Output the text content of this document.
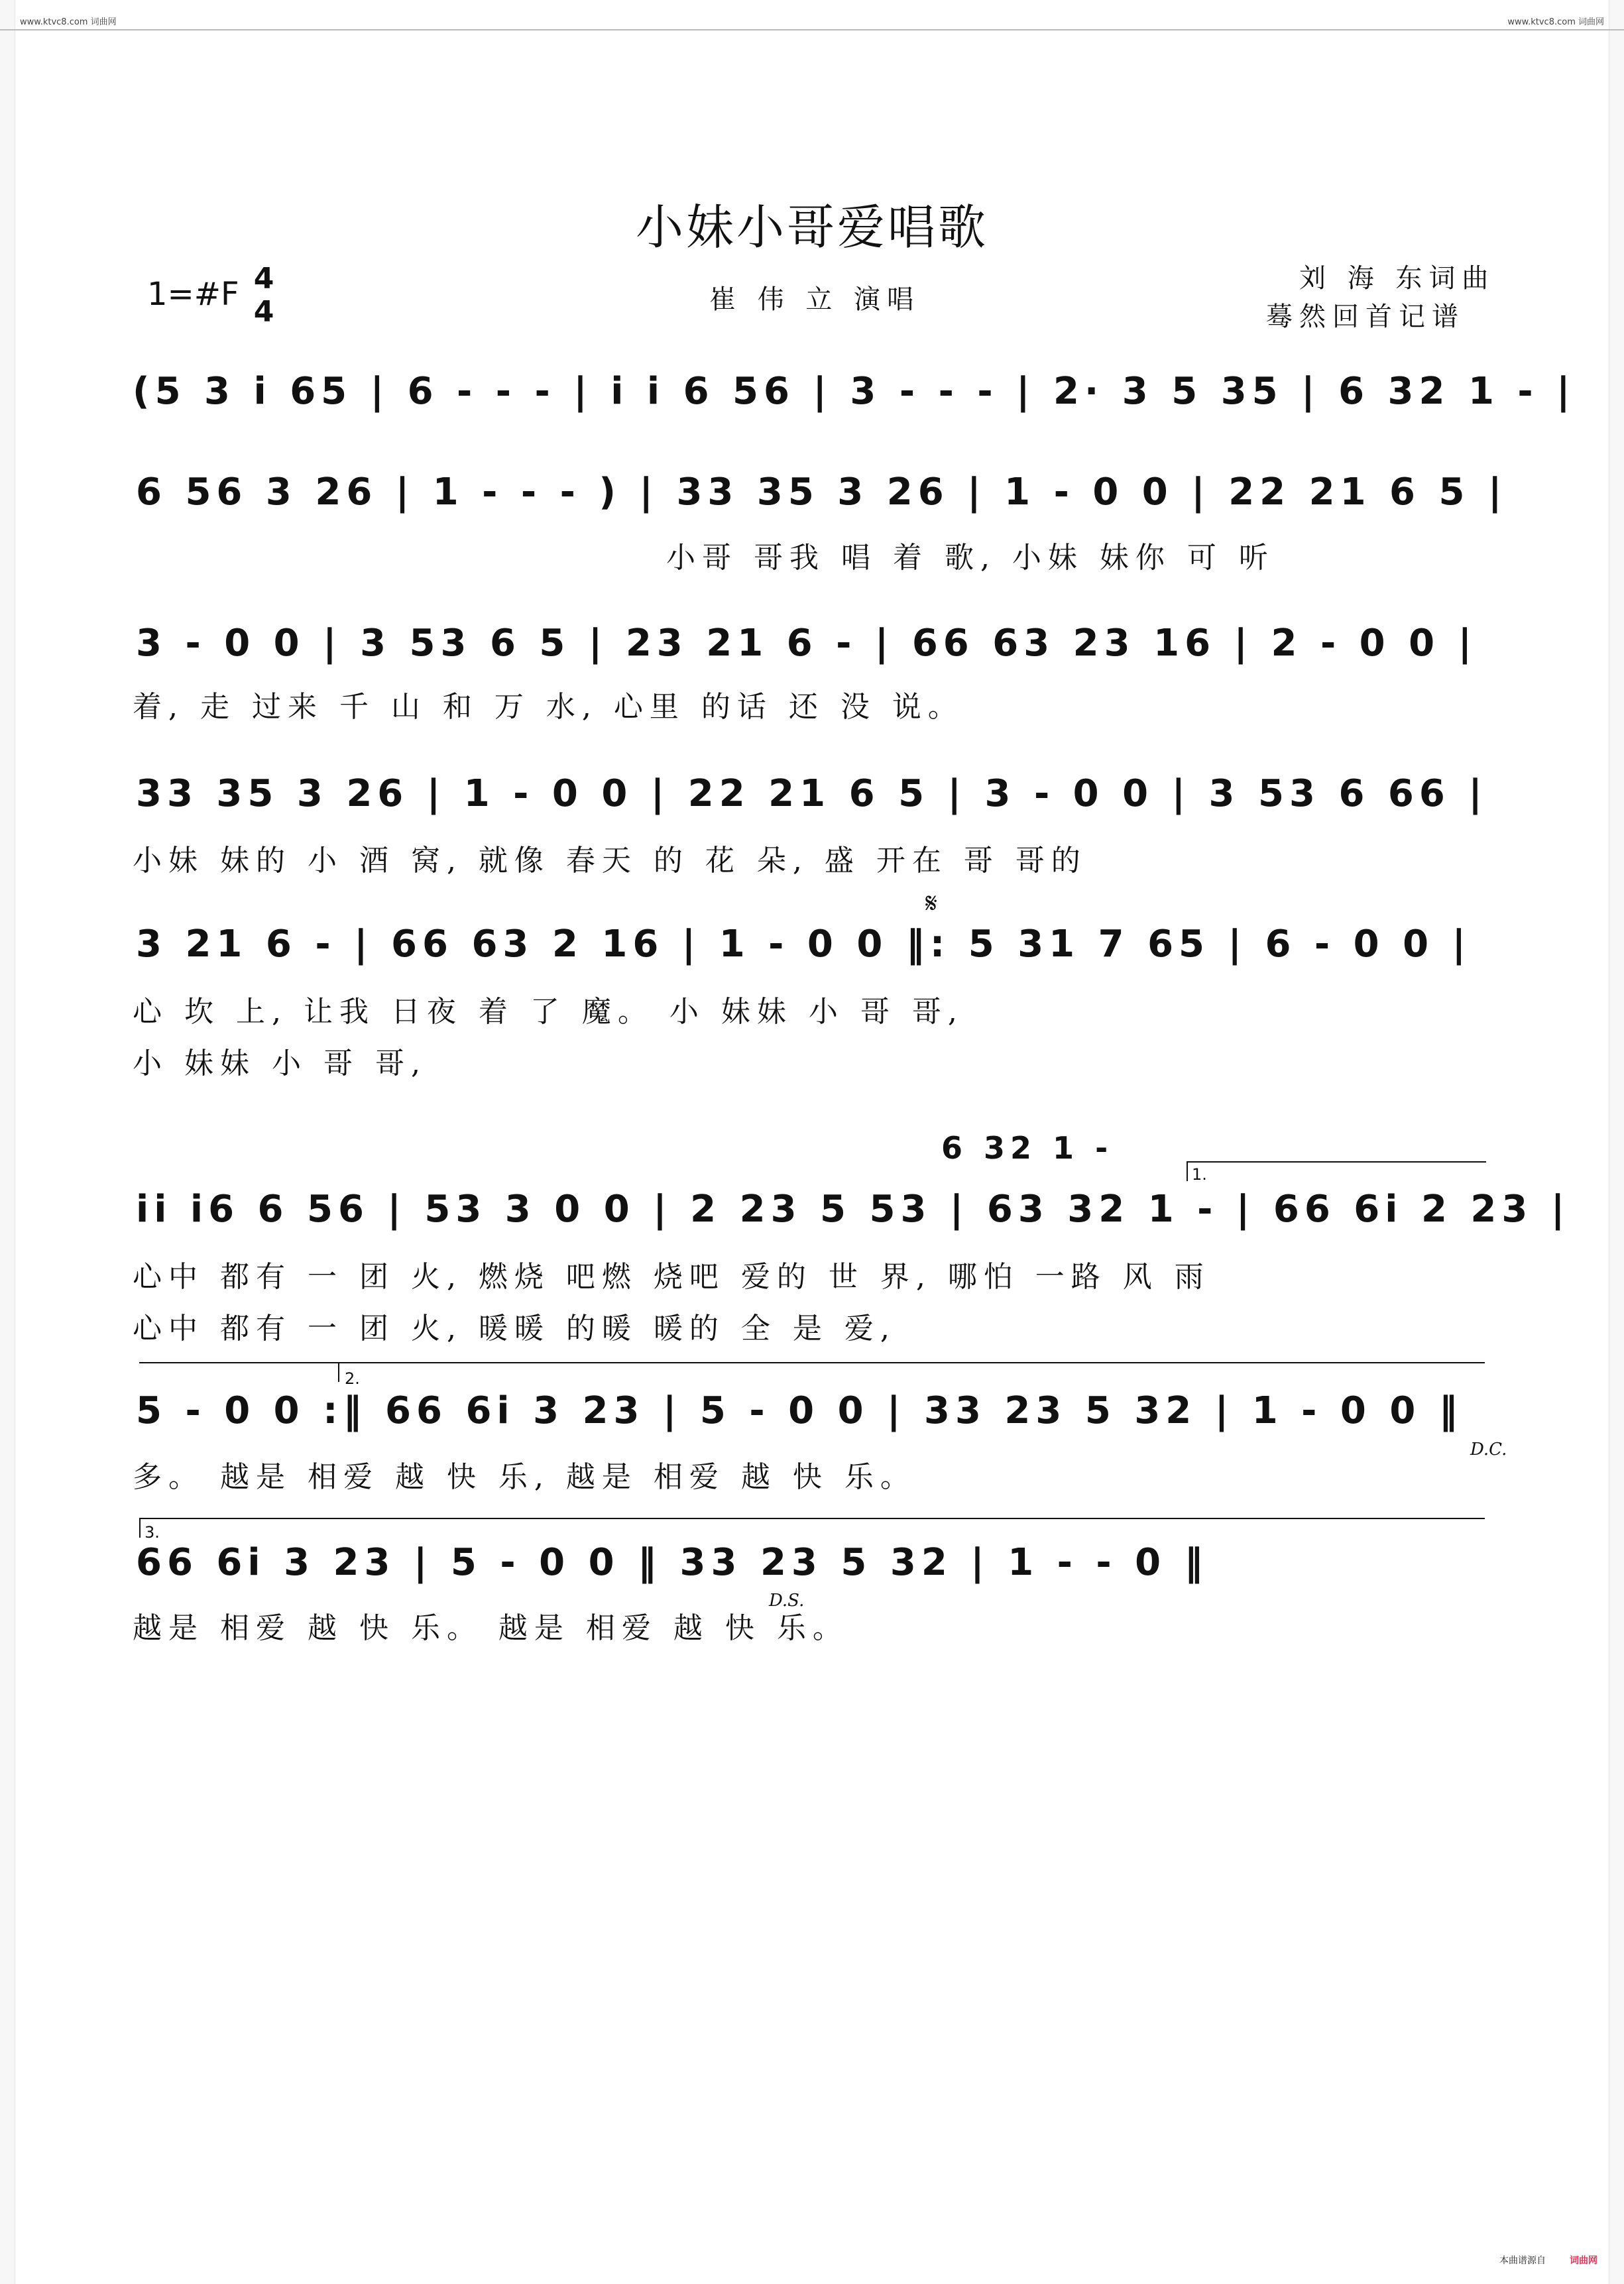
www.ktvc8.com 词曲网	www.ktvc8.com 词曲网
小妹小哥爱唱歌
1=#F 4
4	崔 伟 立 演唱
刘 海 东词曲
蓦然回首记谱
(5 3 i 65 | 6 - - - | i i 6 56 | 3 - - - | 2· 3 5 35 | 6 32 1 - |
6 56 3 26 | 1 - - - ) | 33 35 3 26 | 1 - 0 0 | 22 21 6 5 |
小哥 哥我 唱 着 歌, 小妹 妹你 可 听
3 - 0 0 | 3 53 6 5 | 23 21 6 - | 66 63 23 16 | 2 - 0 0 |
着, 走 过来 千 山 和 万 水, 心里 的话 还 没 说。
33 35 3 26 | 1 - 0 0 | 22 21 6 5 | 3 - 0 0 | 3 53 6 66 |
小妹 妹的 小 酒 窝, 就像 春天 的 花 朵, 盛 开在 哥 哥的
𝄋
3 21 6 - | 66 63 2 16 | 1 - 0 0 ‖: 5 31 7 65 | 6 - 0 0 |
心 坎 上, 让我 日夜 着 了 魔。 小 妹妹 小 哥 哥,
小 妹妹 小 哥 哥,
6 32 1 -
1.
ii i6 6 56 | 53 3 0 0 | 2 23 5 53 | 63 32 1 - | 66 6i 2 23 |
心中 都有 一 团 火, 燃烧 吧燃 烧吧 爱的 世 界, 哪怕 一路 风 雨
心中 都有 一 团 火, 暖暖 的暖 暖的 全 是 爱,
2.
5 - 0 0 :‖ 66 6i 3 23 | 5 - 0 0 | 33 23 5 32 | 1 - 0 0 ‖
D.C.
多。 越是 相爱 越 快 乐, 越是 相爱 越 快 乐。
3.
66 6i 3 23 | 5 - 0 0 ‖ 33 23 5 32 | 1 - - 0 ‖
D.S.
越是 相爱 越 快 乐。 越是 相爱 越 快 乐。
本曲谱源自	词曲网
